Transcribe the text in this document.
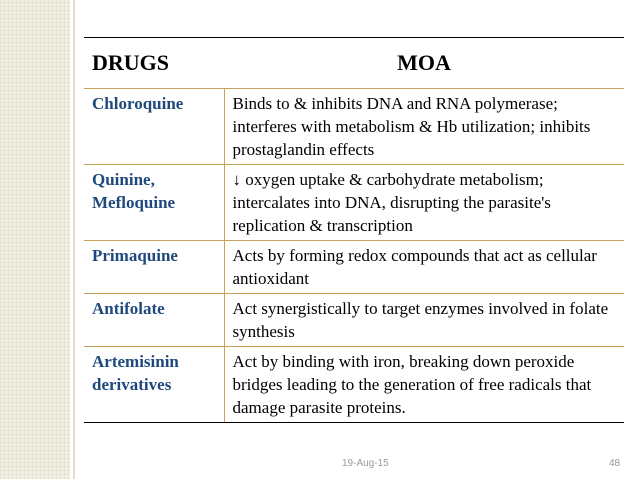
DRUGS	MOA
Chloroquine	Binds to & inhibits DNA and RNA polymerase; interferes with metabolism & Hb utilization; inhibits prostaglandin effects
Quinine, Mefloquine	↓ oxygen uptake & carbohydrate metabolism; intercalates into DNA, disrupting the parasite's replication & transcription
Primaquine	Acts by forming redox compounds that act as cellular antioxidant
Antifolate	Act synergistically to target enzymes involved in folate synthesis
Artemisinin derivatives	Act by binding with iron, breaking down peroxide bridges leading to the generation of free radicals that damage parasite proteins.
19-Aug-15	48
